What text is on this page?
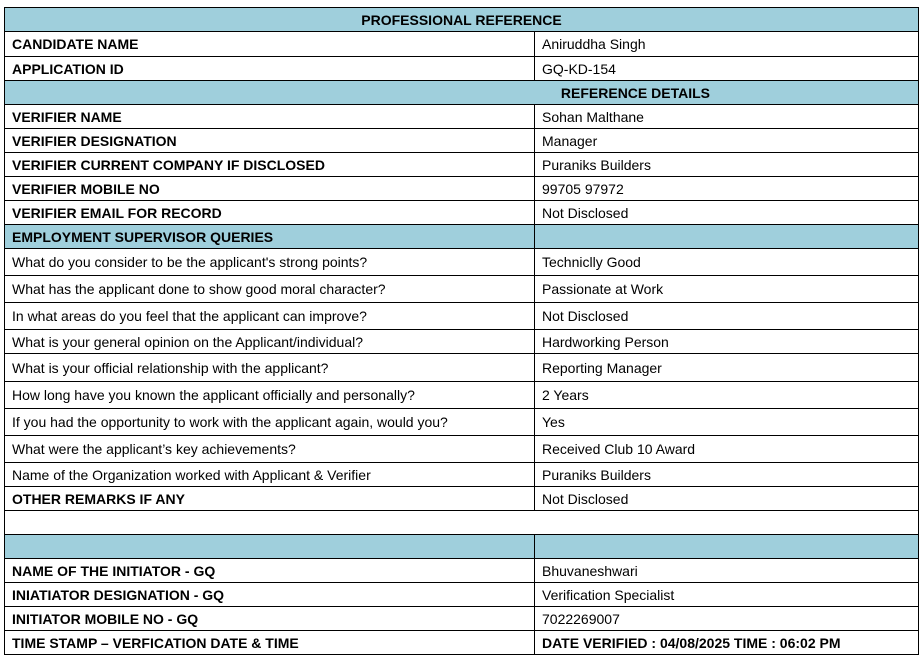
PROFESSIONAL REFERENCE	
CANDIDATE NAME	Aniruddha Singh
APPLICATION ID	GQ-KD-154
REFERENCE DETAILS	
VERIFIER NAME	Sohan Malthane
VERIFIER DESIGNATION	Manager
VERIFIER CURRENT COMPANY IF DISCLOSED	Puraniks Builders
VERIFIER MOBILE NO	99705 97972
VERIFIER EMAIL FOR RECORD	Not Disclosed
EMPLOYMENT SUPERVISOR QUERIES	
What do you consider to be the applicant's strong points?	Techniclly Good
What has the applicant done to show good moral character?	Passionate at Work
In what areas do you feel that the applicant can improve?	Not Disclosed
What is your general opinion on the Applicant/individual?	Hardworking Person
What is your official relationship with the applicant?	Reporting Manager
How long have you known the applicant officially and personally?	2 Years
If you had the opportunity to work with the applicant again, would you?	Yes
What were the applicant’s key achievements?	Received Club 10 Award
Name of the Organization worked with Applicant & Verifier	Puraniks Builders
OTHER REMARKS IF ANY	Not Disclosed

NAME OF THE INITIATOR - GQ	Bhuvaneshwari
INIATIATOR DESIGNATION - GQ	Verification Specialist
INITIATOR MOBILE NO - GQ	7022269007
TIME STAMP – VERFICATION DATE & TIME	DATE VERIFIED : 04/08/2025 TIME : 06:02 PM
